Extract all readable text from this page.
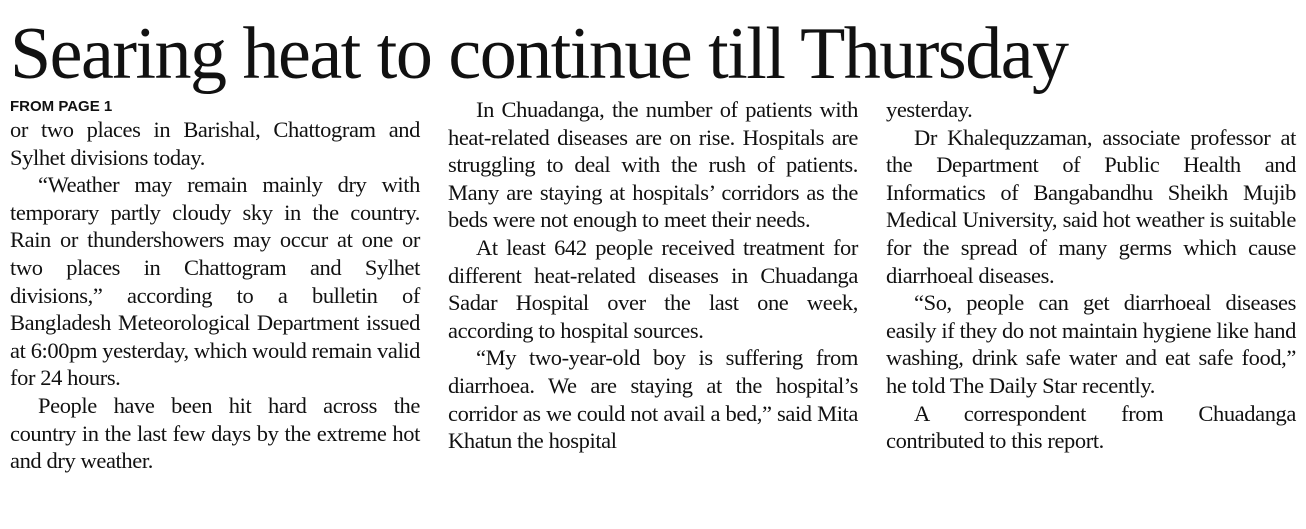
Searing heat to continue till Thursday
FROM PAGE 1

or two places in Barishal, Chattogram and Sylhet divisions today.

“Weather may remain mainly dry with temporary partly cloudy sky in the country. Rain or thundershowers may occur at one or two places in Chattogram and Sylhet divisions,” according to a bulletin of Bangladesh Meteorological Department issued at 6:00pm yesterday, which would remain valid for 24 hours.

People have been hit hard across the country in the last few days by the extreme hot and dry weather.

In Chuadanga, the number of patients with heat-related diseases are on rise. Hospitals are struggling to deal with the rush of patients. Many are staying at hospitals’ corridors as the beds were not enough to meet their needs.

At least 642 people received treatment for different heat-related diseases in Chuadanga Sadar Hospital over the last one week, according to hospital sources.

“My two-year-old boy is suffering from diarrhoea. We are staying at the hospital’s corridor as we could not avail a bed,” said Mita Khatun the hospital

yesterday.

Dr Khalequzzaman, associate professor at the Department of Public Health and Informatics of Bangabandhu Sheikh Mujib Medical University, said hot weather is suitable for the spread of many germs which cause diarrhoeal diseases.

“So, people can get diarrhoeal diseases easily if they do not maintain hygiene like hand washing, drink safe water and eat safe food,” he told The Daily Star recently.

A correspondent from Chuadanga contributed to this report.
